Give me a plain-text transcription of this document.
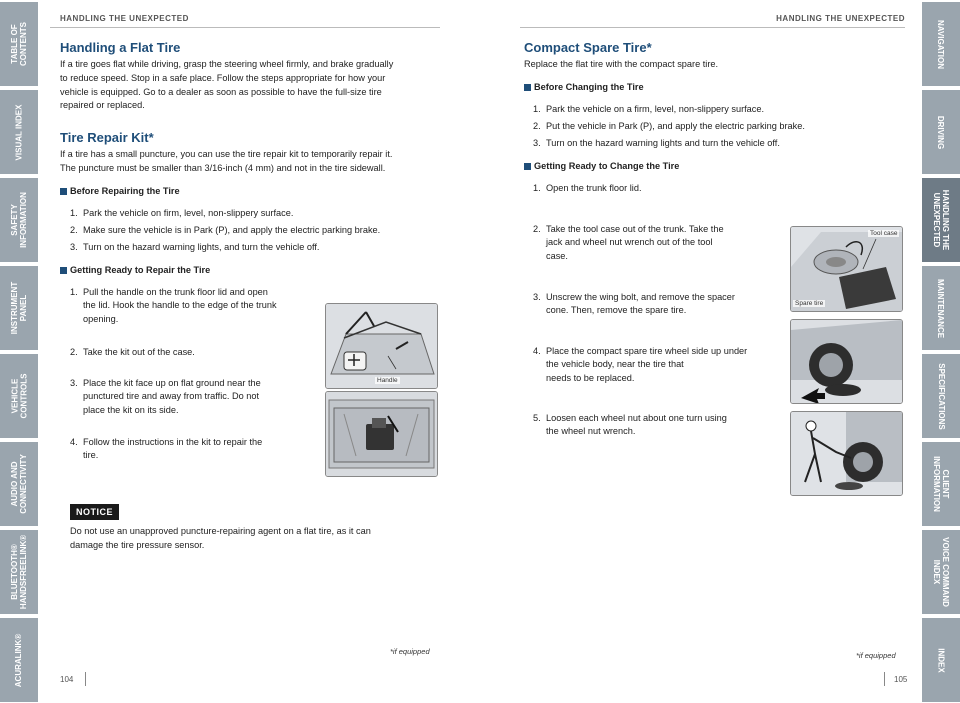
TABLE OF
CONTENTS
VISUAL INDEX
SAFETY
INFORMATION
INSTRUMENT
PANEL
VEHICLE
CONTROLS
AUDIO AND
CONNECTIVITY
BLUETOOTH®
HANDSFREELINK®
ACURALINK®
NAVIGATION
DRIVING
HANDLING THE
UNEXPECTED
MAINTENANCE
SPECIFICATIONS
CLIENT
INFORMATION
VOICE COMMAND
INDEX
INDEX
HANDLING THE UNEXPECTED
Handling a Flat Tire

If a tire goes flat while driving, grasp the steering wheel firmly, and brake gradually

to reduce speed. Stop in a safe place. Follow the steps appropriate for how your

vehicle is equipped. Go to a dealer as soon as possible to have the full-size tire

repaired or replaced.

Tire Repair Kit*

If a tire has a small puncture, you can use the tire repair kit to temporarily repair it.

The puncture must be smaller than 3/16-inch (4 mm) and not in the tire sidewall.

Before Repairing the Tire
1. Park the vehicle on firm, level, non-slippery surface.
2. Make sure the vehicle is in Park (P), and apply the electric parking brake.
3. Turn on the hazard warning lights, and turn the vehicle off.
Getting Ready to Repair the Tire
1. Pull the handle on the trunk floor lid and open
the lid. Hook the handle to the edge of the trunk
opening.
2. Take the kit out of the case.
3. Place the kit face up on flat ground near the
punctured tire and away from traffic. Do not
place the kit on its side.
4. Follow the instructions in the kit to repair the
tire.
Handle
NOTICE

Do not use an unapproved puncture-repairing agent on a flat tire, as it can

damage the tire pressure sensor.

*if equipped
104
HANDLING THE UNEXPECTED
Compact Spare Tire*

Replace the flat tire with the compact spare tire.

Before Changing the Tire
1. Park the vehicle on a firm, level, non-slippery surface.
2. Put the vehicle in Park (P), and apply the electric parking brake.
3. Turn on the hazard warning lights and turn the vehicle off.
Getting Ready to Change the Tire
1. Open the trunk floor lid.
2. Take the tool case out of the trunk. Take the
jack and wheel nut wrench out of the tool
case.
3. Unscrew the wing bolt, and remove the spacer
cone. Then, remove the spare tire.
4. Place the compact spare tire wheel side up under
the vehicle body, near the tire that
needs to be replaced.
5. Loosen each wheel nut about one turn using
the wheel nut wrench.
Tool case
Spare tire
*if equipped
105
